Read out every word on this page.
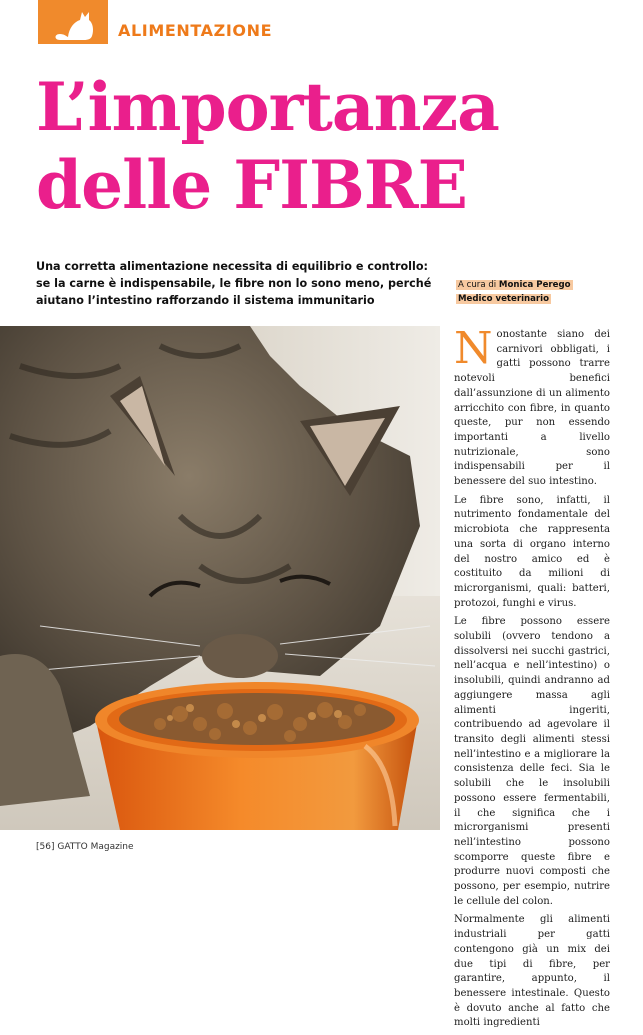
ALIMENTAZIONE
L’importanza
delle FIBRE

Una corretta alimentazione necessita di equilibrio e controllo: se la carne è indispensabile, le fibre non lo sono meno, perché aiutano l’intestino rafforzando il sistema immunitario

A cura di Monica Perego
Medico veterinario

Nonostante siano dei carnivori obbligati, i gatti possono trarre notevoli benefici dall’assunzione di un alimento arricchito con fibre, in quanto queste, pur non essendo importanti a livello nutrizionale, sono indispensabili per il benessere del suo intestino.

Le fibre sono, infatti, il nutrimento fondamentale del microbiota che rappresenta una sorta di organo interno del nostro amico ed è costituito da milioni di microrganismi, quali: batteri, protozoi, funghi e virus.

Le fibre possono essere solubili (ovvero tendono a dissolversi nei succhi gastrici, nell’acqua e nell’intestino) o insolubili, quindi andranno ad aggiungere massa agli alimenti ingeriti, contribuendo ad agevolare il transito degli alimenti stessi nell’intestino e a migliorare la consistenza delle feci. Sia le solubili che le insolubili possono essere fermentabili, il che significa che i microrganismi presenti nell’intestino possono scomporre queste fibre e produrre nuovi composti che possono, per esempio, nutrire le cellule del colon.

Normalmente gli alimenti industriali per gatti contengono già un mix dei due tipi di fibre, per garantire, appunto, il benessere intestinale. Questo è dovuto anche al fatto che molti ingredienti

[56] GATTO Magazine
